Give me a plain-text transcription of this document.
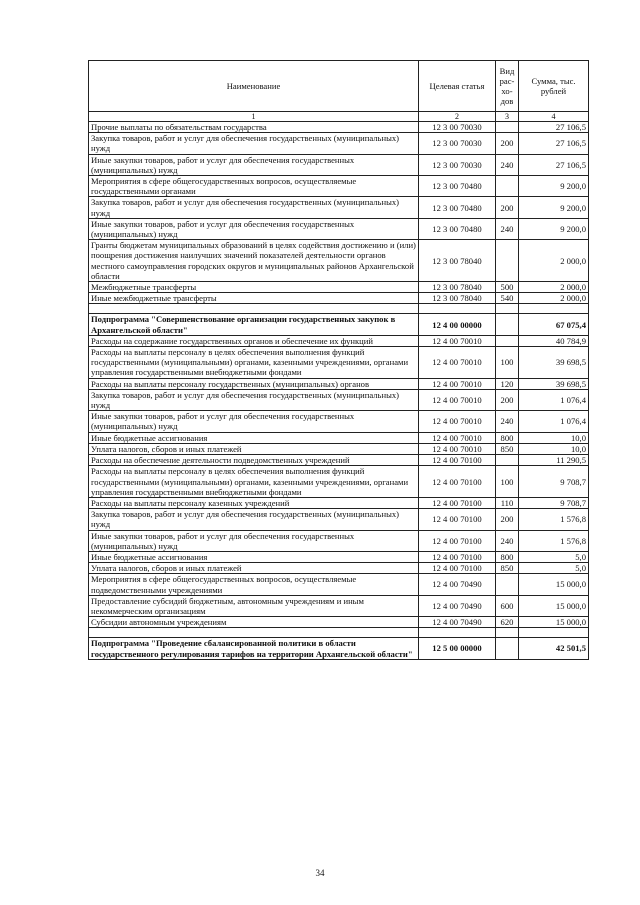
Наименование	Целевая статья	Вид рас-хо-дов	Сумма, тыс. рублей
1	2	3	4
Прочие выплаты по обязательствам государства	12 3 00 70030		27 106,5
Закупка товаров, работ и услуг для обеспечения государственных (муниципальных) нужд	12 3 00 70030	200	27 106,5
Иные закупки товаров, работ и услуг для обеспечения государственных (муниципальных) нужд	12 3 00 70030	240	27 106,5
Мероприятия в сфере общегосударственных вопросов, осуществляемые государственными органами	12 3 00 70480		9 200,0
Закупка товаров, работ и услуг для обеспечения государственных (муниципальных) нужд	12 3 00 70480	200	9 200,0
Иные закупки товаров, работ и услуг для обеспечения государственных (муниципальных) нужд	12 3 00 70480	240	9 200,0
Гранты бюджетам муниципальных образований в целях содействия достижению и (или) поощрения достижения наилучших значений показателей деятельности органов местного самоуправления городских округов и муниципальных районов Архангельской области	12 3 00 78040		2 000,0
Межбюджетные трансферты	12 3 00 78040	500	2 000,0
Иные межбюджетные трансферты	12 3 00 78040	540	2 000,0

Подпрограмма "Совершенствование организации государственных закупок в Архангельской области"	12 4 00 00000		67 075,4
Расходы на содержание государственных органов и обеспечение их функций	12 4 00 70010		40 784,9
Расходы на выплаты персоналу в целях обеспечения выполнения функций государственными (муниципальными) органами, казенными учреждениями, органами управления государственными внебюджетными фондами	12 4 00 70010	100	39 698,5
Расходы на выплаты персоналу государственных (муниципальных) органов	12 4 00 70010	120	39 698,5
Закупка товаров, работ и услуг для обеспечения государственных (муниципальных) нужд	12 4 00 70010	200	1 076,4
Иные закупки товаров, работ и услуг для обеспечения государственных (муниципальных) нужд	12 4 00 70010	240	1 076,4
Иные бюджетные ассигнования	12 4 00 70010	800	10,0
Уплата налогов, сборов и иных платежей	12 4 00 70010	850	10,0
Расходы на обеспечение деятельности подведомственных учреждений	12 4 00 70100		11 290,5
Расходы на выплаты персоналу в целях обеспечения выполнения функций государственными (муниципальными) органами, казенными учреждениями, органами управления государственными внебюджетными фондами	12 4 00 70100	100	9 708,7
Расходы на выплаты персоналу казенных учреждений	12 4 00 70100	110	9 708,7
Закупка товаров, работ и услуг для обеспечения государственных (муниципальных) нужд	12 4 00 70100	200	1 576,8
Иные закупки товаров, работ и услуг для обеспечения государственных (муниципальных) нужд	12 4 00 70100	240	1 576,8
Иные бюджетные ассигнования	12 4 00 70100	800	5,0
Уплата налогов, сборов и иных платежей	12 4 00 70100	850	5,0
Мероприятия в сфере общегосударственных вопросов, осуществляемые подведомственными учреждениями	12 4 00 70490		15 000,0
Предоставление субсидий бюджетным, автономным учреждениям и иным некоммерческим организациям	12 4 00 70490	600	15 000,0
Субсидии автономным учреждениям	12 4 00 70490	620	15 000,0

Подпрограмма "Проведение сбалансированной политики в области государственного регулирования тарифов на территории Архангельской области"	12 5 00 00000		42 501,5
34
